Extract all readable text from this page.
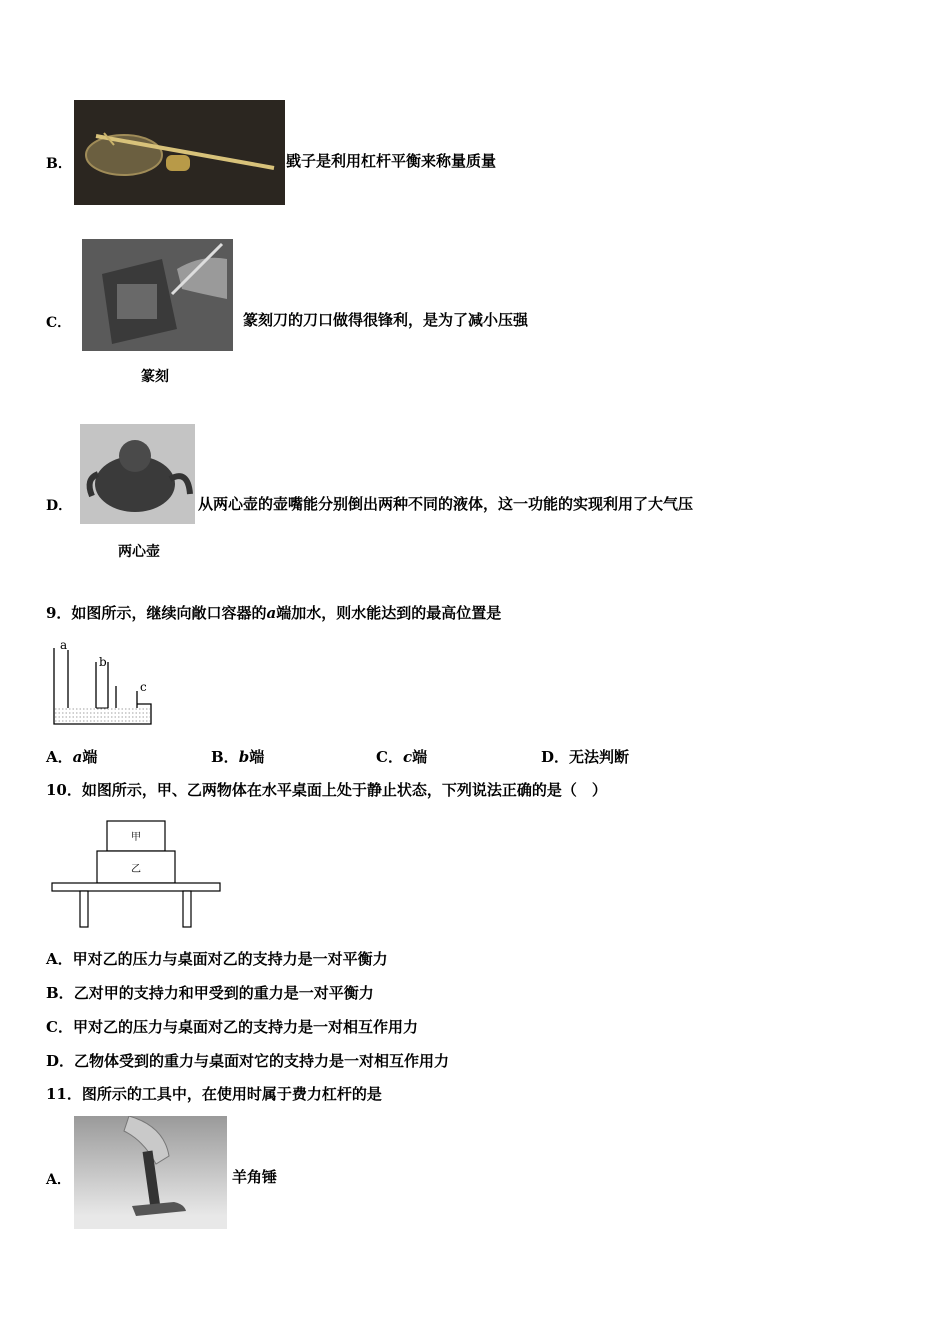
B．	戥子是利用杠杆平衡来称量质量
C．	篆刻刀的刀口做得很锋利，是为了减小压强
篆刻
D．	从两心壶的壶嘴能分别倒出两种不同的液体，这一功能的实现利用了大气压
两心壶
9．如图所示，继续向敞口容器的a端加水，则水能达到的最高位置是
a
b
c
A．a端	B．b端	C．c端	D．无法判断
10．如图所示，甲、乙两物体在水平桌面上处于静止状态，下列说法正确的是（　）
甲
乙
A．甲对乙的压力与桌面对乙的支持力是一对平衡力
B．乙对甲的支持力和甲受到的重力是一对平衡力
C．甲对乙的压力与桌面对乙的支持力是一对相互作用力
D．乙物体受到的重力与桌面对它的支持力是一对相互作用力
11．图所示的工具中，在使用时属于费力杠杆的是
A．	羊角锤
